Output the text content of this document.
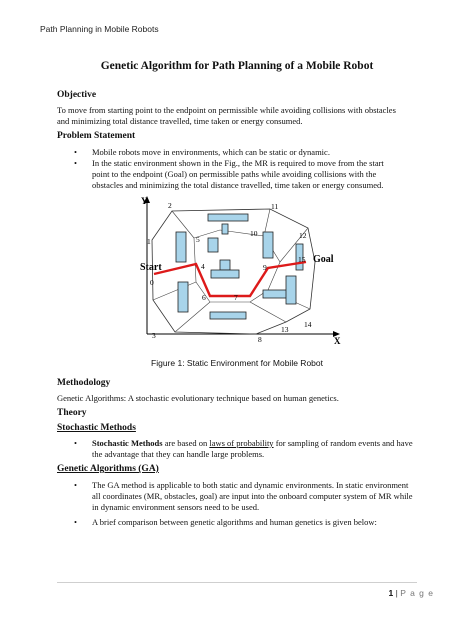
Path Planning in Mobile Robots
Genetic Algorithm for Path Planning of a Mobile Robot
Objective
To move from starting point to the endpoint on permissible while avoiding collisions with obstacles
and minimizing total distance travelled, time taken or energy consumed.
Problem Statement
• Mobile robots move in environments, which can be static or dynamic.
• In the static environment shown in the Fig., the MR is required to move from the start
point to the endpoint (Goal) on permissible paths while avoiding collisions with the
obstacles and minimizing the total distance travelled, time taken or energy consumed.
Y
X
0
1
2
3
4
5
6	7
8
9
10
11
12
13
14
15
Start
Goal
Figure 1: Static Environment for Mobile Robot
Methodology
Genetic Algorithms: A stochastic evolutionary technique based on human genetics.
Theory
Stochastic Methods
• Stochastic Methods are based on laws of probability for sampling of random events and have
the advantage that they can handle large problems.
Genetic Algorithms (GA)
• The GA method is applicable to both static and dynamic environments. In static environment
all coordinates (MR, obstacles, goal) are input into the onboard computer system of MR while
in dynamic environment sensors need to be used.
• A brief comparison between genetic algorithms and human genetics is given below:
1 | P a g e
